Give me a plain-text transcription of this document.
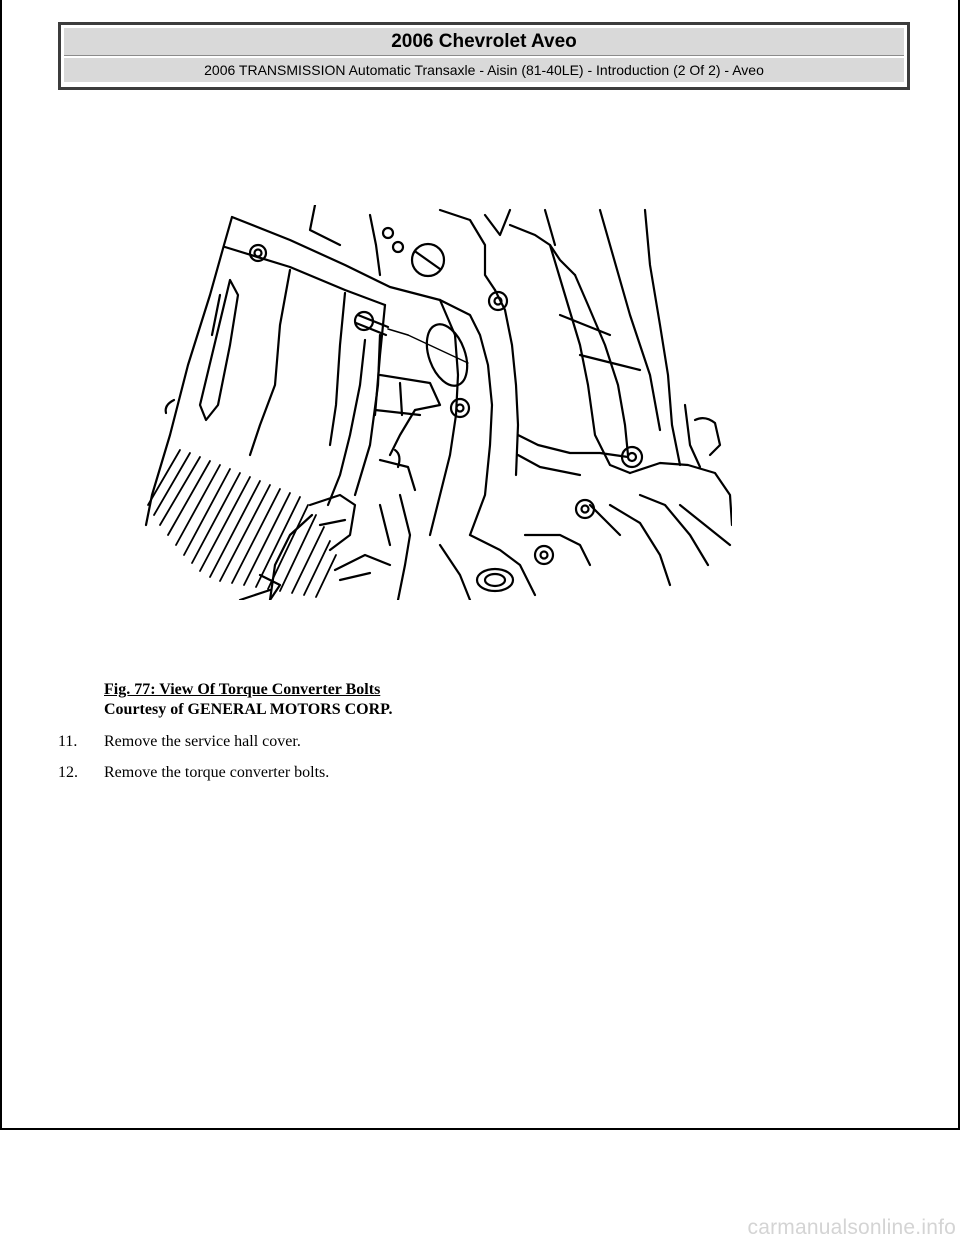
2006 Chevrolet Aveo
2006 TRANSMISSION Automatic Transaxle - Aisin (81-40LE) - Introduction (2 Of 2) - Aveo
Fig. 77: View Of Torque Converter Bolts
Courtesy of GENERAL MOTORS CORP.
11. Remove the service hall cover.
12. Remove the torque converter bolts.
carmanualsonline.info
